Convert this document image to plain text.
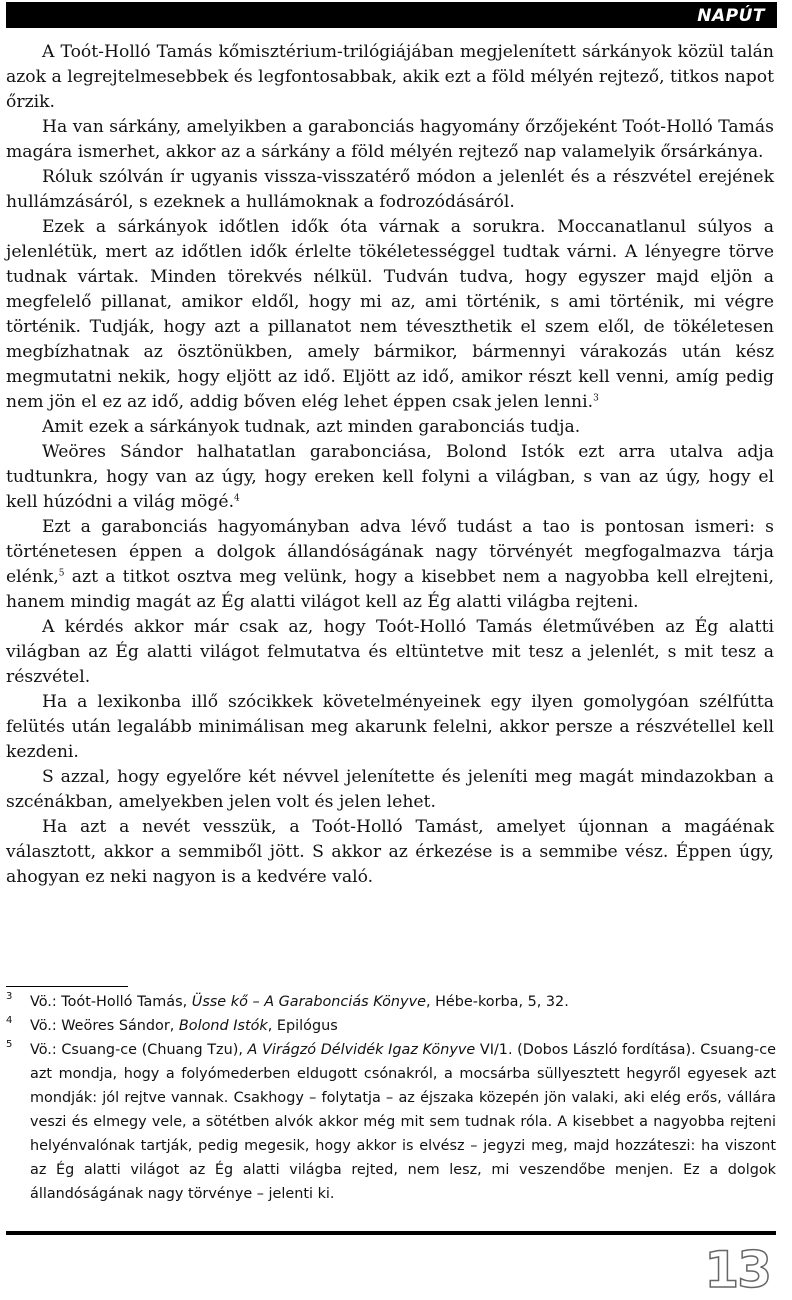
NAPÚT

A Toót-Holló Tamás kőmisztérium-trilógiájában megjelenített sárkányok közül talán azok a legrejtelmesebbek és legfontosabbak, akik ezt a föld mélyén rejtező, titkos napot őrzik.

Ha van sárkány, amelyikben a garabonciás hagyomány őrzőjeként Toót-Holló Tamás magára ismerhet, akkor az a sárkány a föld mélyén rejtező nap valamelyik őrsárkánya.

Róluk szólván ír ugyanis vissza-visszatérő módon a jelenlét és a részvétel erejének hullámzásáról, s ezeknek a hullámoknak a fodrozódásáról.

Ezek a sárkányok időtlen idők óta várnak a sorukra. Moccanatlanul súlyos a jelenlétük, mert az időtlen idők érlelte tökéletességgel tudtak várni. A lényegre törve tudnak vártak. Minden törekvés nélkül. Tudván tudva, hogy egyszer majd eljön a megfelelő pillanat, amikor eldől, hogy mi az, ami történik, s ami történik, mi végre történik. Tudják, hogy azt a pillanatot nem téveszthetik el szem elől, de tökéletesen megbízhatnak az ösztönükben, amely bármikor, bármennyi várakozás után kész megmutatni nekik, hogy eljött az idő. Eljött az idő, amikor részt kell venni, amíg pedig nem jön el ez az idő, addig bőven elég lehet éppen csak jelen lenni.$^3$

Amit ezek a sárkányok tudnak, azt minden garabonciás tudja.

Weöres Sándor halhatatlan garabonciása, Bolond Istók ezt arra utalva adja tudtunkra, hogy van az úgy, hogy ereken kell folyni a világban, s van az úgy, hogy el kell húzódni a világ mögé.$^4$

Ezt a garabonciás hagyományban adva lévő tudást a tao is pontosan ismeri: s történetesen éppen a dolgok állandóságának nagy törvényét megfogalmazva tárja elénk,$^5$ azt a titkot osztva meg velünk, hogy a kisebbet nem a nagyobba kell elrejteni, hanem mindig magát az Ég alatti világot kell az Ég alatti világba rejteni.

A kérdés akkor már csak az, hogy Toót-Holló Tamás életművében az Ég alatti világban az Ég alatti világot felmutatva és eltüntetve mit tesz a jelenlét, s mit tesz a részvétel.

Ha a lexikonba illő szócikkek követelményeinek egy ilyen gomolygóan szélfútta felütés után legalább minimálisan meg akarunk felelni, akkor persze a részvétellel kell kezdeni.

S azzal, hogy egyelőre két névvel jelenítette és jeleníti meg magát mindazokban a szcénákban, amelyekben jelen volt és jelen lehet.

Ha azt a nevét vesszük, a Toót-Holló Tamást, amelyet újonnan a magáénak választott, akkor a semmiből jött. S akkor az érkezése is a semmibe vész. Éppen úgy, ahogyan ez neki nagyon is a kedvére való.

3 Vö.: Toót-Holló Tamás, Üsse kő – A Garabonciás Könyve, Hébe-korba, 5, 32.
4 Vö.: Weöres Sándor, Bolond Istók, Epilógus
5 Vö.: Csuang-ce (Chuang Tzu), A Virágzó Délvidék Igaz Könyve VI/1. (Dobos László fordítása). Csuang-ce azt mondja, hogy a folyómederben eldugott csónakról, a mocsárba süllyesztett hegyről egyesek azt mondják: jól rejtve vannak. Csakhogy – folytatja – az éjszaka közepén jön valaki, aki elég erős, vállára veszi és elmegy vele, a sötétben alvók akkor még mit sem tudnak róla. A kisebbet a nagyobba rejteni helyénvalónak tartják, pedig megesik, hogy akkor is elvész – jegyzi meg, majd hozzáteszi: ha viszont az Ég alatti világot az Ég alatti világba rejted, nem lesz, mi veszendőbe menjen. Ez a dolgok állandóságának nagy törvénye – jelenti ki.
13
